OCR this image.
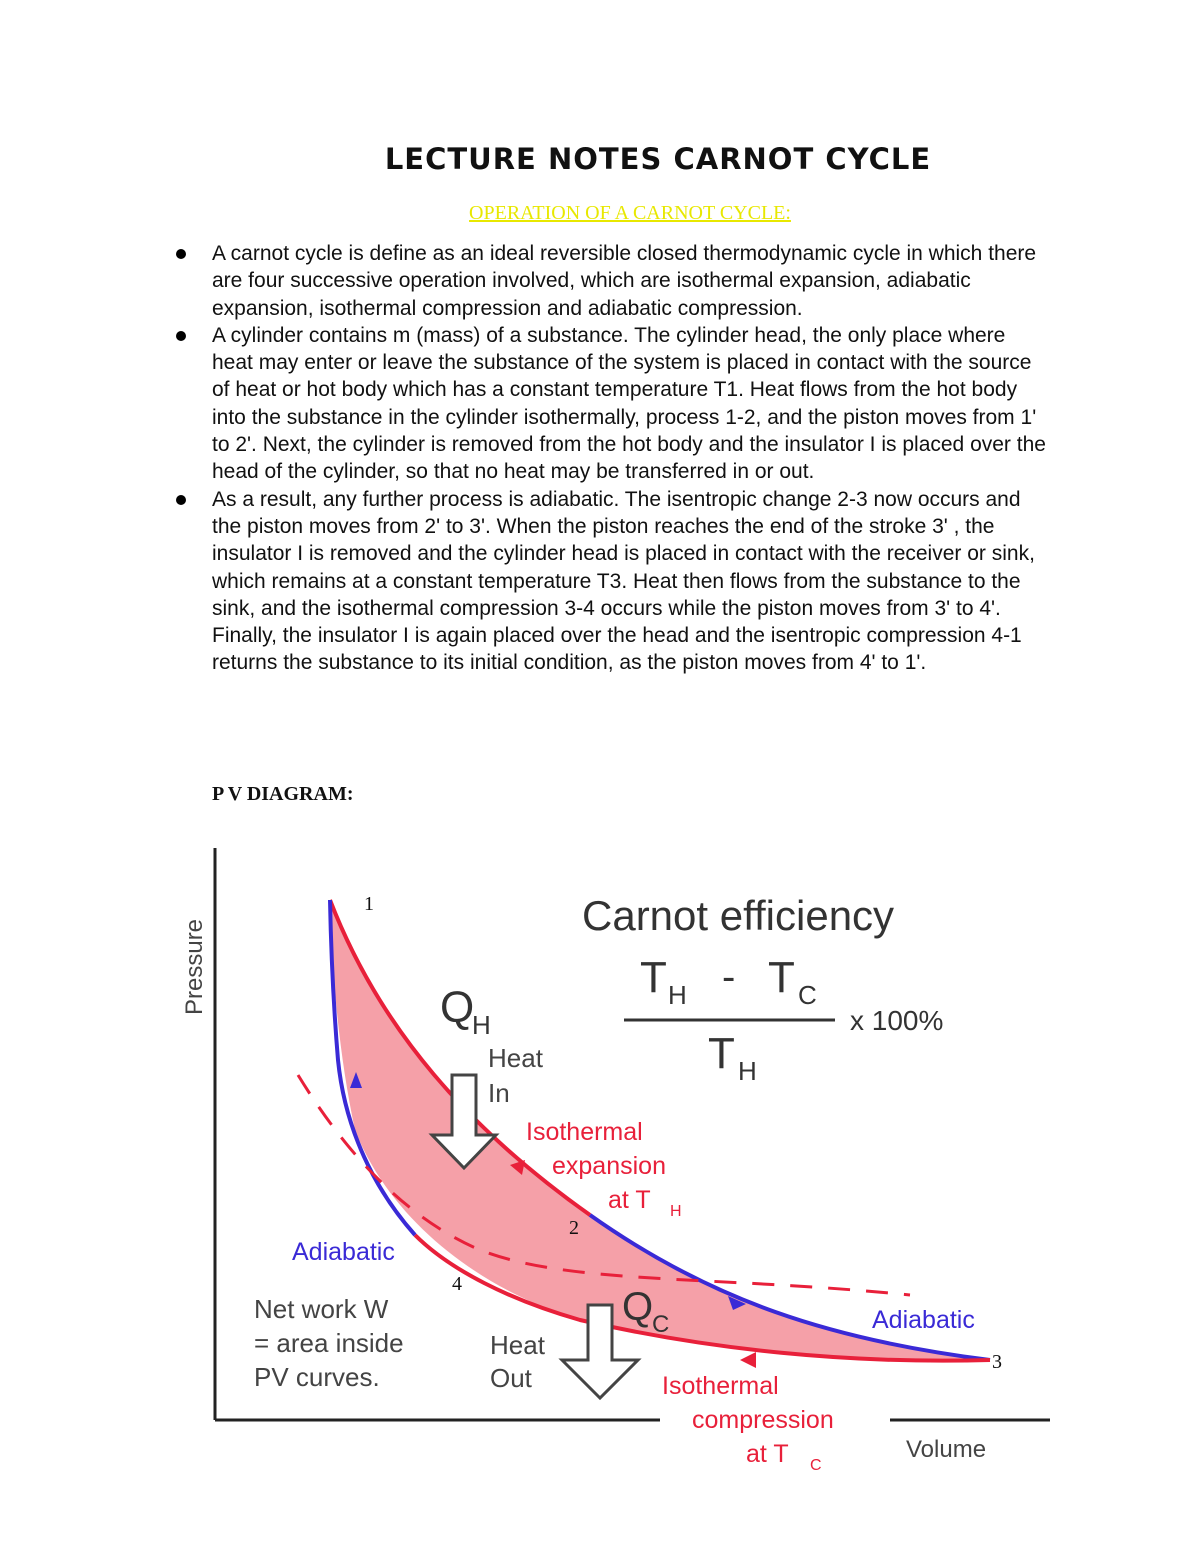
LECTURE NOTES CARNOT CYCLE
OPERATION OF A CARNOT CYCLE:
A carnot cycle is define as an ideal reversible closed thermodynamic cycle in which there are four successive operation involved, which are isothermal expansion, adiabatic expansion, isothermal compression and adiabatic compression.
A cylinder contains m (mass) of a substance. The cylinder head, the only place where heat may enter or leave the substance of the system is placed in contact with the source of heat or hot body which has a constant temperature T1. Heat flows from the hot body into the substance in the cylinder isothermally, process 1-2, and the piston moves from 1' to 2'. Next, the cylinder is removed from the hot body and the insulator I is placed over the head of the cylinder, so that no heat may be transferred in or out.
As a result, any further process is adiabatic. The isentropic change 2-3 now occurs and the piston moves from 2' to 3'. When the piston reaches the end of the stroke 3' , the insulator I is removed and the cylinder head is placed in contact with the receiver or sink, which remains at a constant temperature T3. Heat then flows from the substance to the sink, and the isothermal compression 3-4 occurs while the piston moves from 3' to 4'. Finally, the insulator I is again placed over the head and the isentropic compression 4-1 returns the substance to its initial condition, as the piston moves from 4' to 1'.
P V DIAGRAM:
Pressure
Volume
Carnot efficiency
T H - T C
T H
x 100%
Q
H
Heat
In
Isothermal
expansion
at T H
Q
C
Heat
Out	Isothermal
compression
at T C
Adiabatic
Adiabatic
Net work W
= area inside
PV curves.
1
2
3
4
